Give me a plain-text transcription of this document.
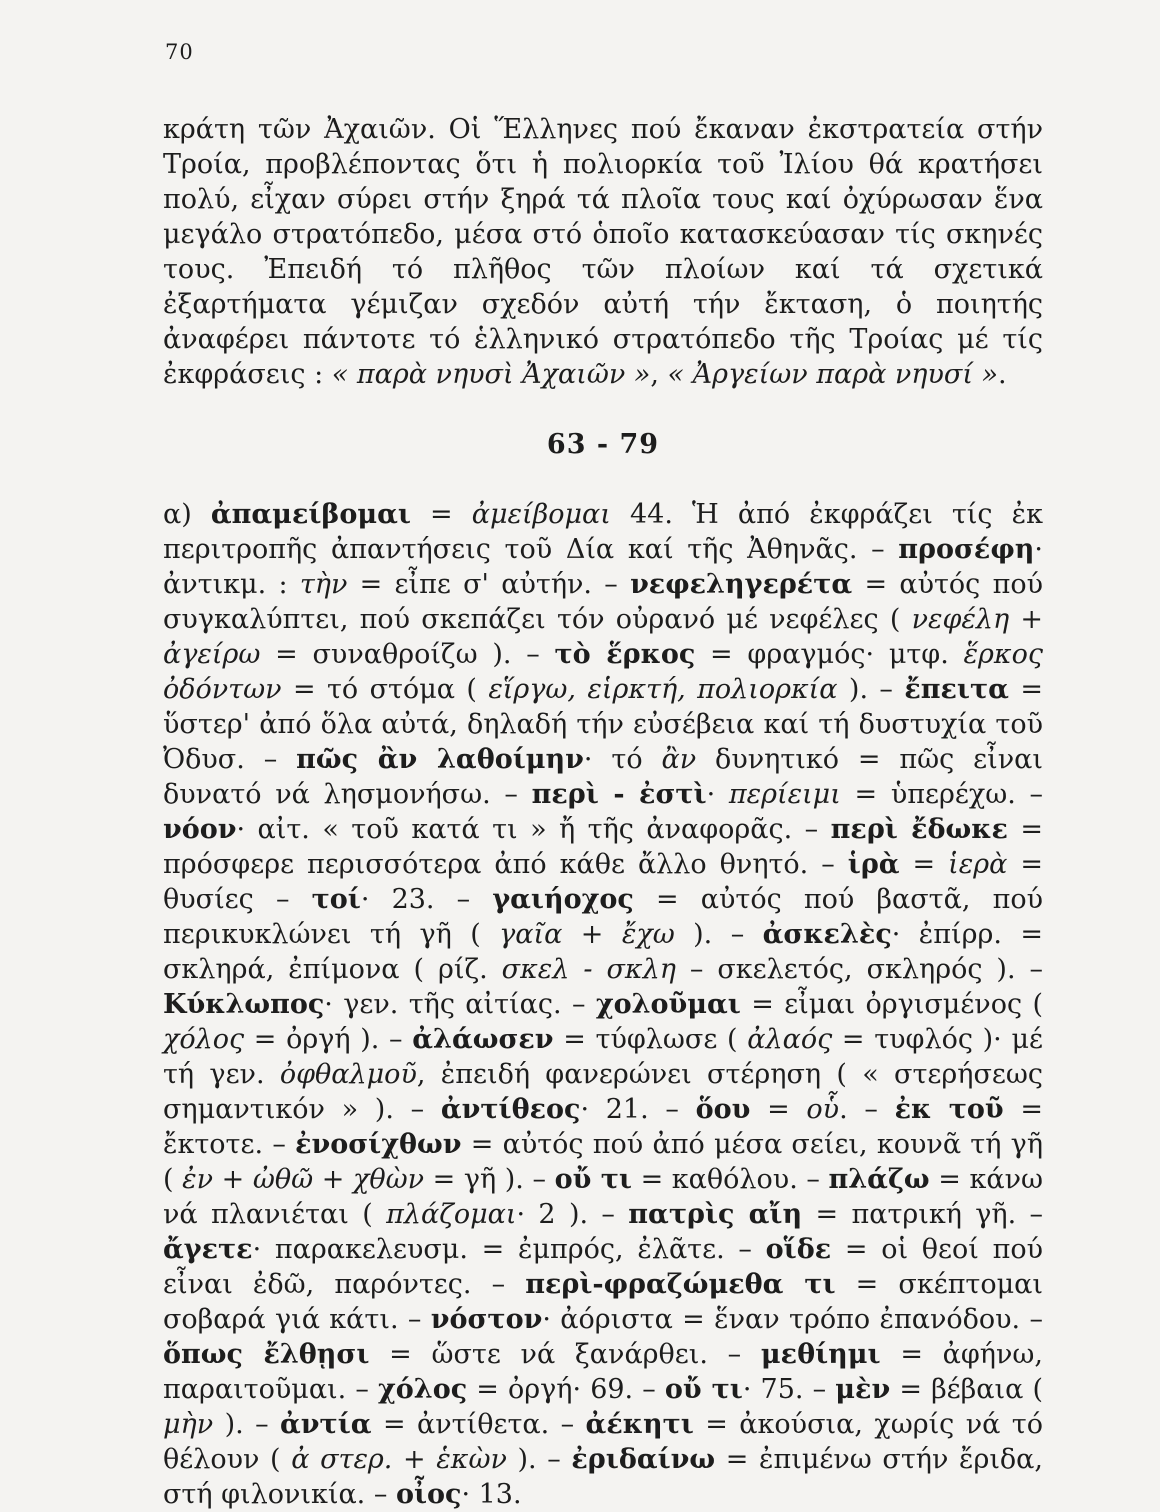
70

κράτη τῶν Ἀχαιῶν. Οἱ Ἕλληνες πού ἔκαναν ἐκστρατεία στήν Τροία, προβλέποντας ὅτι ἡ πολιορκία τοῦ Ἰλίου θά κρατήσει πολύ, εἶχαν σύρει στήν ξηρά τά πλοῖα τους καί ὀχύρωσαν ἕνα μεγάλο στρατόπεδο, μέσα στό ὁποῖο κατασκεύασαν τίς σκηνές τους. Ἐπειδή τό πλῆθος τῶν πλοίων καί τά σχετικά ἐξαρτήματα γέμιζαν σχεδόν αὐτή τήν ἔκταση, ὁ ποιητής ἀναφέρει πάντοτε τό ἑλληνικό στρατόπεδο τῆς Τροίας μέ τίς ἐκφράσεις : « παρὰ νηυσὶ Ἀχαιῶν », « Ἀργείων παρὰ νηυσί ».

63 - 79

α) ἀπαμείβομαι = ἀμείβομαι 44. Ἡ ἀπό ἐκφράζει τίς ἐκ περιτροπῆς ἀπαντήσεις τοῦ Δία καί τῆς Ἀθηνᾶς. – προσέφη· ἀντικμ. : τὴν = εἶπε σ' αὐτήν. – νεφεληγερέτα = αὐτός πού συγκαλύπτει, πού σκεπάζει τόν οὐρανό μέ νεφέλες ( νεφέλη + ἀγείρω = συναθροίζω ). – τὸ ἕρκος = φραγμός· μτφ. ἕρκος ὀδόντων = τό στόμα ( εἵργω, εἱρκτή, πολιορκία ). – ἔπειτα = ὕστερ' ἀπό ὅλα αὐτά, δηλαδή τήν εὐσέβεια καί τή δυστυχία τοῦ Ὀδυσ. – πῶς ἂν λαθοίμην· τό ἂν δυνητικό = πῶς εἶναι δυνατό νά λησμονήσω. – περὶ - ἐστὶ· περίειμι = ὑπερέχω. – νόον· αἰτ. « τοῦ κατά τι » ἤ τῆς ἀναφορᾶς. – περὶ ἔδωκε = πρόσφερε περισσότερα ἀπό κάθε ἄλλο θνητό. – ἱρὰ = ἱερὰ = θυσίες – τοί· 23. – γαιήοχος = αὐτός πού βαστᾶ, πού περικυκλώνει τή γῆ ( γαῖα + ἔχω ). – ἀσκελὲς· ἐπίρρ. = σκληρά, ἐπίμονα ( ρίζ. σκελ - σκλη – σκελετός, σκληρός ). – Κύκλωπος· γεν. τῆς αἰτίας. – χολοῦμαι = εἶμαι ὀργισμένος ( χόλος = ὀργή ). – ἀλάωσεν = τύφλωσε ( ἀλαός = τυφλός )· μέ τή γεν. ὀφθαλμοῦ, ἐπειδή φανερώνει στέρηση ( « στερήσεως σημαντικόν » ). – ἀντίθεος· 21. – ὅου = οὗ. – ἐκ τοῦ = ἔκτοτε. – ἐνοσίχθων = αὐτός πού ἀπό μέσα σείει, κουνᾶ τή γῆ ( ἐν + ὠθῶ + χθὼν = γῆ ). – οὔ τι = καθόλου. – πλάζω = κάνω νά πλανιέται ( πλάζομαι· 2 ). – πατρὶς αἴη = πατρική γῆ. – ἄγετε· παρακελευσμ. = ἐμπρός, ἐλᾶτε. – οἵδε = οἱ θεοί πού εἶναι ἐδῶ, παρόντες. – περὶ-φραζώμεθα τι = σκέπτομαι σοβαρά γιά κάτι. – νόστον· ἀόριστα = ἕναν τρόπο ἐπανόδου. – ὅπως ἔλθῃσι = ὥστε νά ξανάρθει. – μεθίημι = ἀφήνω, παραιτοῦμαι. – χόλος = ὀργή· 69. – οὔ τι· 75. – μὲν = βέβαια ( μὴν ). – ἀντία = ἀντίθετα. – ἀέκητι = ἀκούσια, χωρίς νά τό θέλουν ( ἀ στερ. + ἑκὼν ). – ἐριδαίνω = ἐπιμένω στήν ἔριδα, στή φιλονικία. – οἶος· 13.
